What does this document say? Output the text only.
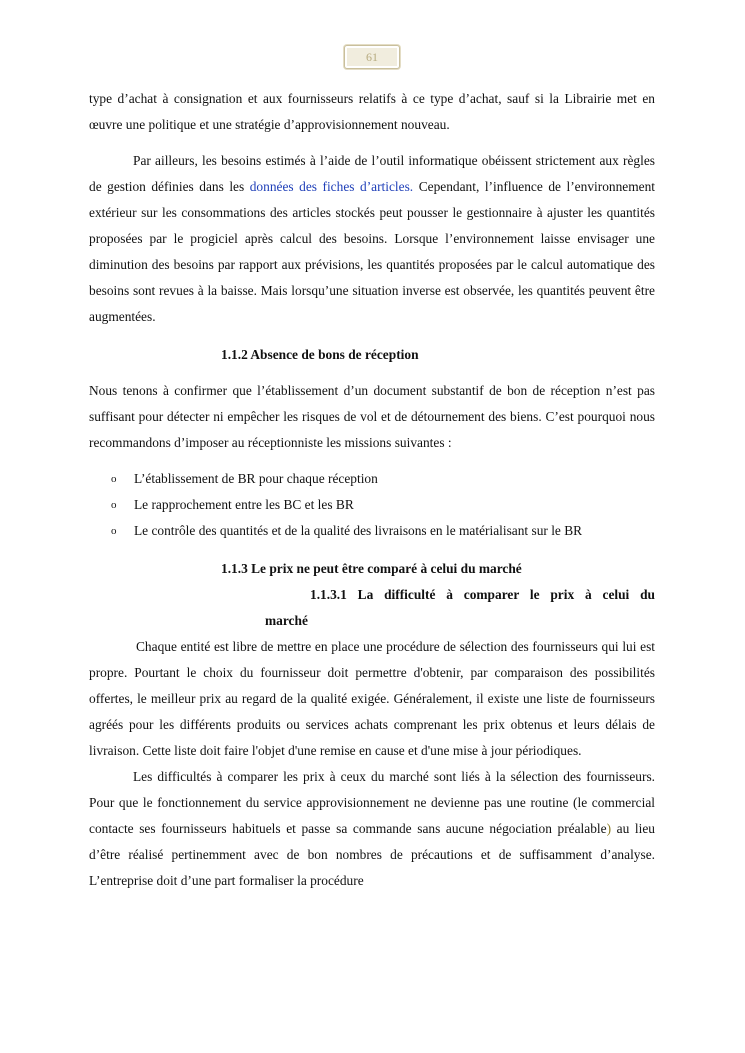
61

type d’achat à consignation et aux fournisseurs relatifs à ce type d’achat, sauf si la Librairie met en œuvre une politique et une stratégie d’approvisionnement nouveau.

Par ailleurs, les besoins estimés à l’aide de l’outil informatique obéissent strictement aux règles de gestion définies dans les données des fiches d’articles. Cependant, l’influence de l’environnement extérieur sur les consommations des articles stockés peut pousser le gestionnaire à ajuster les quantités proposées par le progiciel après calcul des besoins. Lorsque l’environnement laisse envisager une diminution des besoins par rapport aux prévisions, les quantités proposées par le calcul automatique des besoins sont revues à la baisse. Mais lorsqu’une situation inverse est observée, les quantités peuvent être augmentées.

1.1.2 Absence de bons de réception

Nous tenons à confirmer que l’établissement d’un document substantif de bon de réception n’est pas suffisant pour détecter ni empêcher les risques de vol et de détournement des biens. C’est pourquoi nous recommandons d’imposer au réceptionniste les missions suivantes :

o L’établissement de BR pour chaque réception
o Le rapprochement entre les BC et les BR
o Le contrôle des quantités et de la qualité des livraisons en le matérialisant sur le BR
1.1.3 Le prix ne peut être comparé à celui du marché
1.1.3.1 La difficulté à comparer le prix à celui du
marché

Chaque entité est libre de mettre en place une procédure de sélection des fournisseurs qui lui est propre. Pourtant le choix du fournisseur doit permettre d'obtenir, par comparaison des possibilités offertes, le meilleur prix au regard de la qualité exigée. Généralement, il existe une liste de fournisseurs agréés pour les différents produits ou services achats comprenant les prix obtenus et leurs délais de livraison. Cette liste doit faire l'objet d'une remise en cause et d'une mise à jour périodiques.

Les difficultés à comparer les prix à ceux du marché sont liés à la sélection des fournisseurs. Pour que le fonctionnement du service approvisionnement ne devienne pas une routine (le commercial contacte ses fournisseurs habituels et passe sa commande sans aucune négociation préalable) au lieu d’être réalisé pertinemment avec de bon nombres de précautions et de suffisamment d’analyse. L’entreprise doit d’une part formaliser la procédure
